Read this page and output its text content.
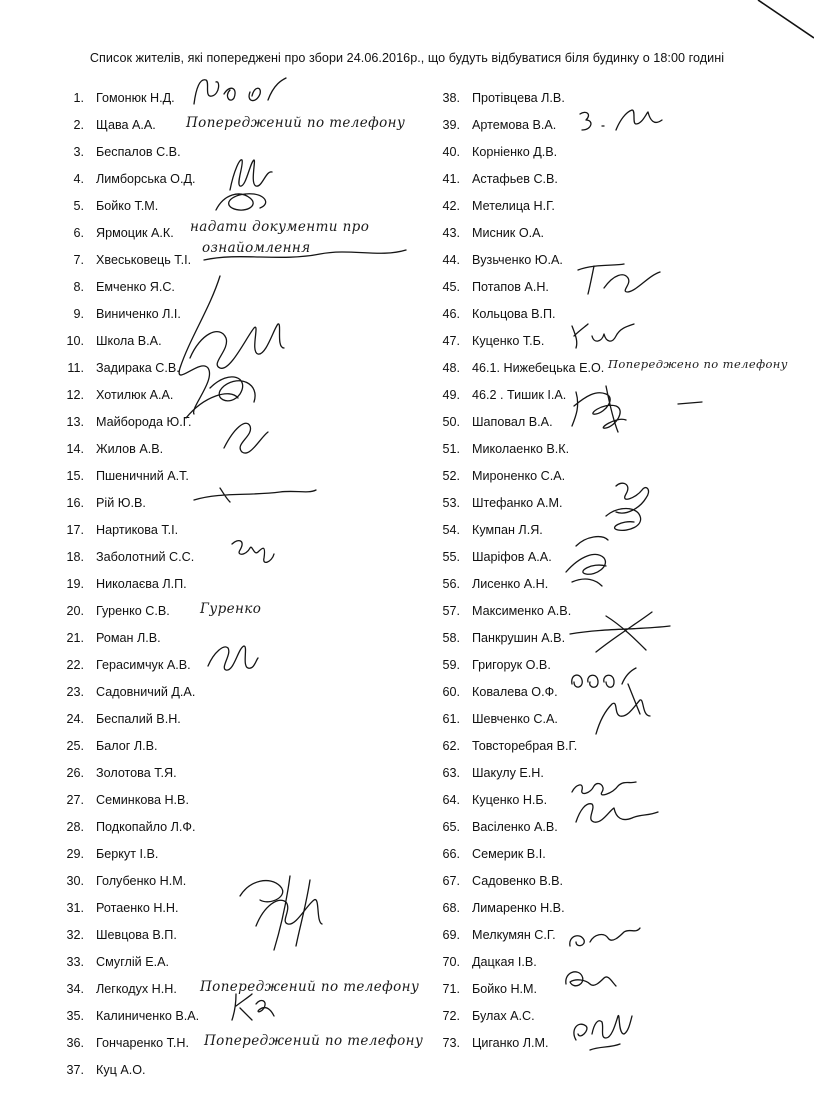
Список жителів, які попереджені про збори 24.06.2016р., що будуть відбуватися біля будинку о 18:00 годині
1. Гомонюк Н.Д.
2. Щава А.А. Попереджений по телефону
3. Беспалов С.В.
4. Лимборська О.Д.
5. Бойко Т.М.
6. Ярмоцик А.К. надати документи про
7. Хвеськовець Т.І.
ознайомлення
8. Емченко Я.С.
9. Виниченко Л.І.
10. Школа В.А.
11. Задирака С.В.
12. Хотилюк А.А.
13. Майборода Ю.Г.
14. Жилов А.В.
15. Пшеничний А.Т.
16. Рій Ю.В.
17. Нартикова Т.І.
18. Заболотний С.С.
19. Николаєва Л.П.
20. Гуренко С.В. Гуренко
21. Роман Л.В.
22. Герасимчук А.В.
23. Садовничий Д.А.
24. Беспалий В.Н.
25. Балог Л.В.
26. Золотова Т.Я.
27. Семинкова Н.В.
28. Подкопайло Л.Ф.
29. Беркут І.В.
30. Голубенко Н.М.
31. Ротаенко Н.Н.
32. Шевцова В.П.
33. Смуглій Е.А.
34. Легкодух Н.Н. Попереджений по телефону
35. Калиниченко В.А.
36. Гончаренко Т.Н. Попереджений по телефону
37. Куц А.О.
38. Протівцева Л.В.
39. Артемова В.А.
40. Корніенко Д.В.
41. Астафьев С.В.
42. Метелица Н.Г.
43. Мисник О.А.
44. Вузьченко Ю.А.
45. Потапов А.Н.
46. Кольцова В.П.
47. Куценко Т.Б.
48. 46.1. Нижебецька Е.О. Попереджено по телефону
49. 46.2 . Тишик І.А.
50. Шаповал В.А.
51. Миколаенко В.К.
52. Мироненко С.А.
53. Штефанко А.М.
54. Кумпан Л.Я.
55. Шаріфов А.А.
56. Лисенко А.Н.
57. Максименко А.В.
58. Панкрушин А.В.
59. Григорук О.В.
60. Ковалева О.Ф.
61. Шевченко С.А.
62. Товсторебрая В.Г.
63. Шакулу Е.Н.
64. Куценко Н.Б.
65. Васіленко А.В.
66. Семерик В.І.
67. Садовенко В.В.
68. Лимаренко Н.В.
69. Мелкумян С.Г.
70. Дацкая І.В.
71. Бойко Н.М.
72. Булах А.С.
73. Циганко Л.М.
